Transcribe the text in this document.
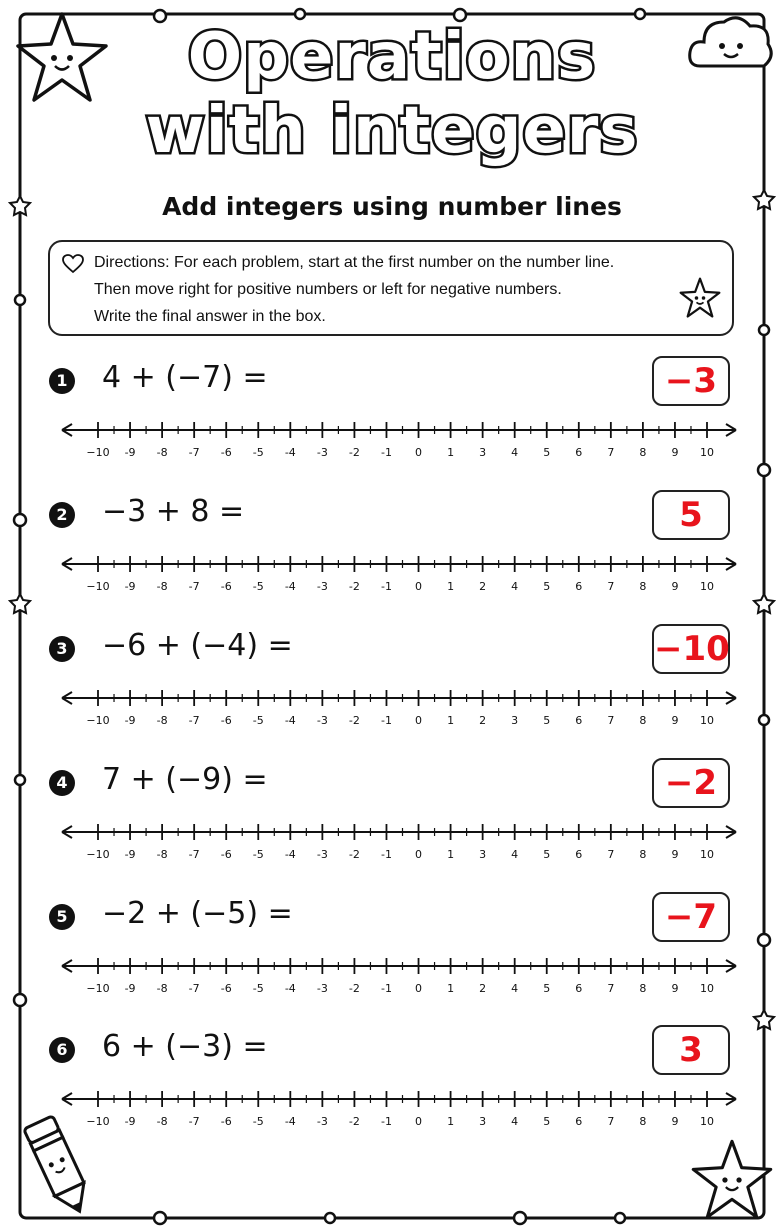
Operations
with integers
Add integers using number lines
Directions: For each problem, start at the first number on the number line.
Then move right for positive numbers or left for negative numbers.
Write the final answer in the box.
1 4 + (−7) =	−3
−10 -9 -8 -7 -6 -5 -4 -3 -2 -1 0 1 3 4 5 6 7 8 9 10
2 −3 + 8 =	5
−10 -9 -8 -7 -6 -5 -4 -3 -2 -1 0 1 2 4 5 6 7 8 9 10
3 −6 + (−4) =	−10
−10 -9 -8 -7 -6 -5 -4 -3 -2 -1 0 1 2 3 5 6 7 8 9 10
4 7 + (−9) =	−2
−10 -9 -8 -7 -6 -5 -4 -3 -2 -1 0 1 3 4 5 6 7 8 9 10
5 −2 + (−5) =	−7
−10 -9 -8 -7 -6 -5 -4 -3 -2 -1 0 1 2 4 5 6 7 8 9 10
6 6 + (−3) =	3
−10 -9 -8 -7 -6 -5 -4 -3 -2 -1 0 1 3 4 5 6 7 8 9 10
